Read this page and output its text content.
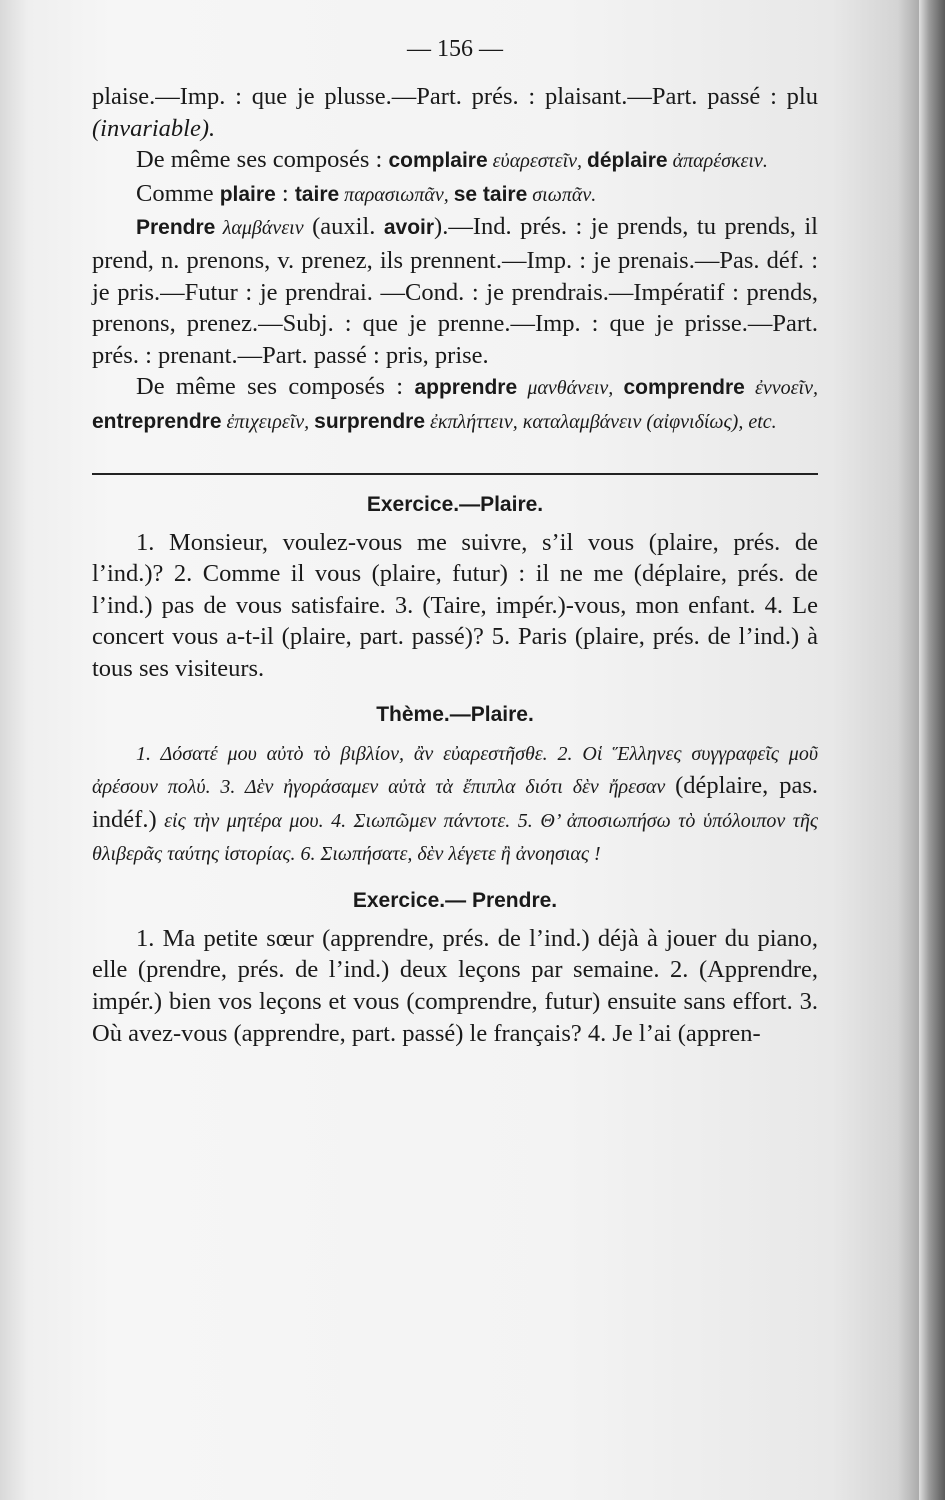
— 156 —

plaise.—Imp. : que je plusse.—Part. prés. : plaisant.—Part. passé : plu (invariable).

De même ses composés : complaire εὐαρεστεῖν, déplaire ἀπαρέσκειν.

Comme plaire : taire παρασιωπᾶν, se taire σιωπᾶν.

Prendre λαμβάνειν (auxil. avoir).—Ind. prés. : je prends, tu prends, il prend, n. prenons, v. prenez, ils prennent.—Imp. : je prenais.—Pas. déf. : je pris.—Futur : je prendrai. —Cond. : je prendrais.—Impératif : prends, prenons, prenez.—Subj. : que je prenne.—Imp. : que je prisse.—Part. prés. : prenant.—Part. passé : pris, prise.

De même ses composés : apprendre μανθάνειν, comprendre ἐννοεῖν, entreprendre ἐπιχειρεῖν, surprendre ἐκπλήττειν, καταλαμβάνειν (αἰφνιδίως), etc.

Exercice.—Plaire.

1. Monsieur, voulez-vous me suivre, s’il vous (plaire, prés. de l’ind.)? 2. Comme il vous (plaire, futur) : il ne me (déplaire, prés. de l’ind.) pas de vous satisfaire. 3. (Taire, impér.)-vous, mon enfant. 4. Le concert vous a-t-il (plaire, part. passé)? 5. Paris (plaire, prés. de l’ind.) à tous ses visiteurs.

Thème.—Plaire.

1. Δόσατέ μου αὐτὸ τὸ βιβλίον, ἂν εὐαρεστῆσθε. 2. Οἱ Ἕλληνες συγγραφεῖς μοῦ ἀρέσουν πολύ. 3. Δὲν ἠγοράσαμεν αὐτὰ τὰ ἔπιπλα διότι δὲν ἤρεσαν (déplaire, pas. indéf.) εἰς τὴν μητέρα μου. 4. Σιωπῶμεν πάντοτε. 5. Θ’ ἀποσιωπήσω τὸ ὑπόλοιπον τῆς θλιβερᾶς ταύτης ἱστορίας. 6. Σιωπήσατε, δὲν λέγετε ἢ ἀνοησιας !

Exercice.— Prendre.

1. Ma petite sœur (apprendre, prés. de l’ind.) déjà à jouer du piano, elle (prendre, prés. de l’ind.) deux leçons par semaine. 2. (Apprendre, impér.) bien vos leçons et vous (comprendre, futur) ensuite sans effort. 3. Où avez-vous (apprendre, part. passé) le français? 4. Je l’ai (appren-
